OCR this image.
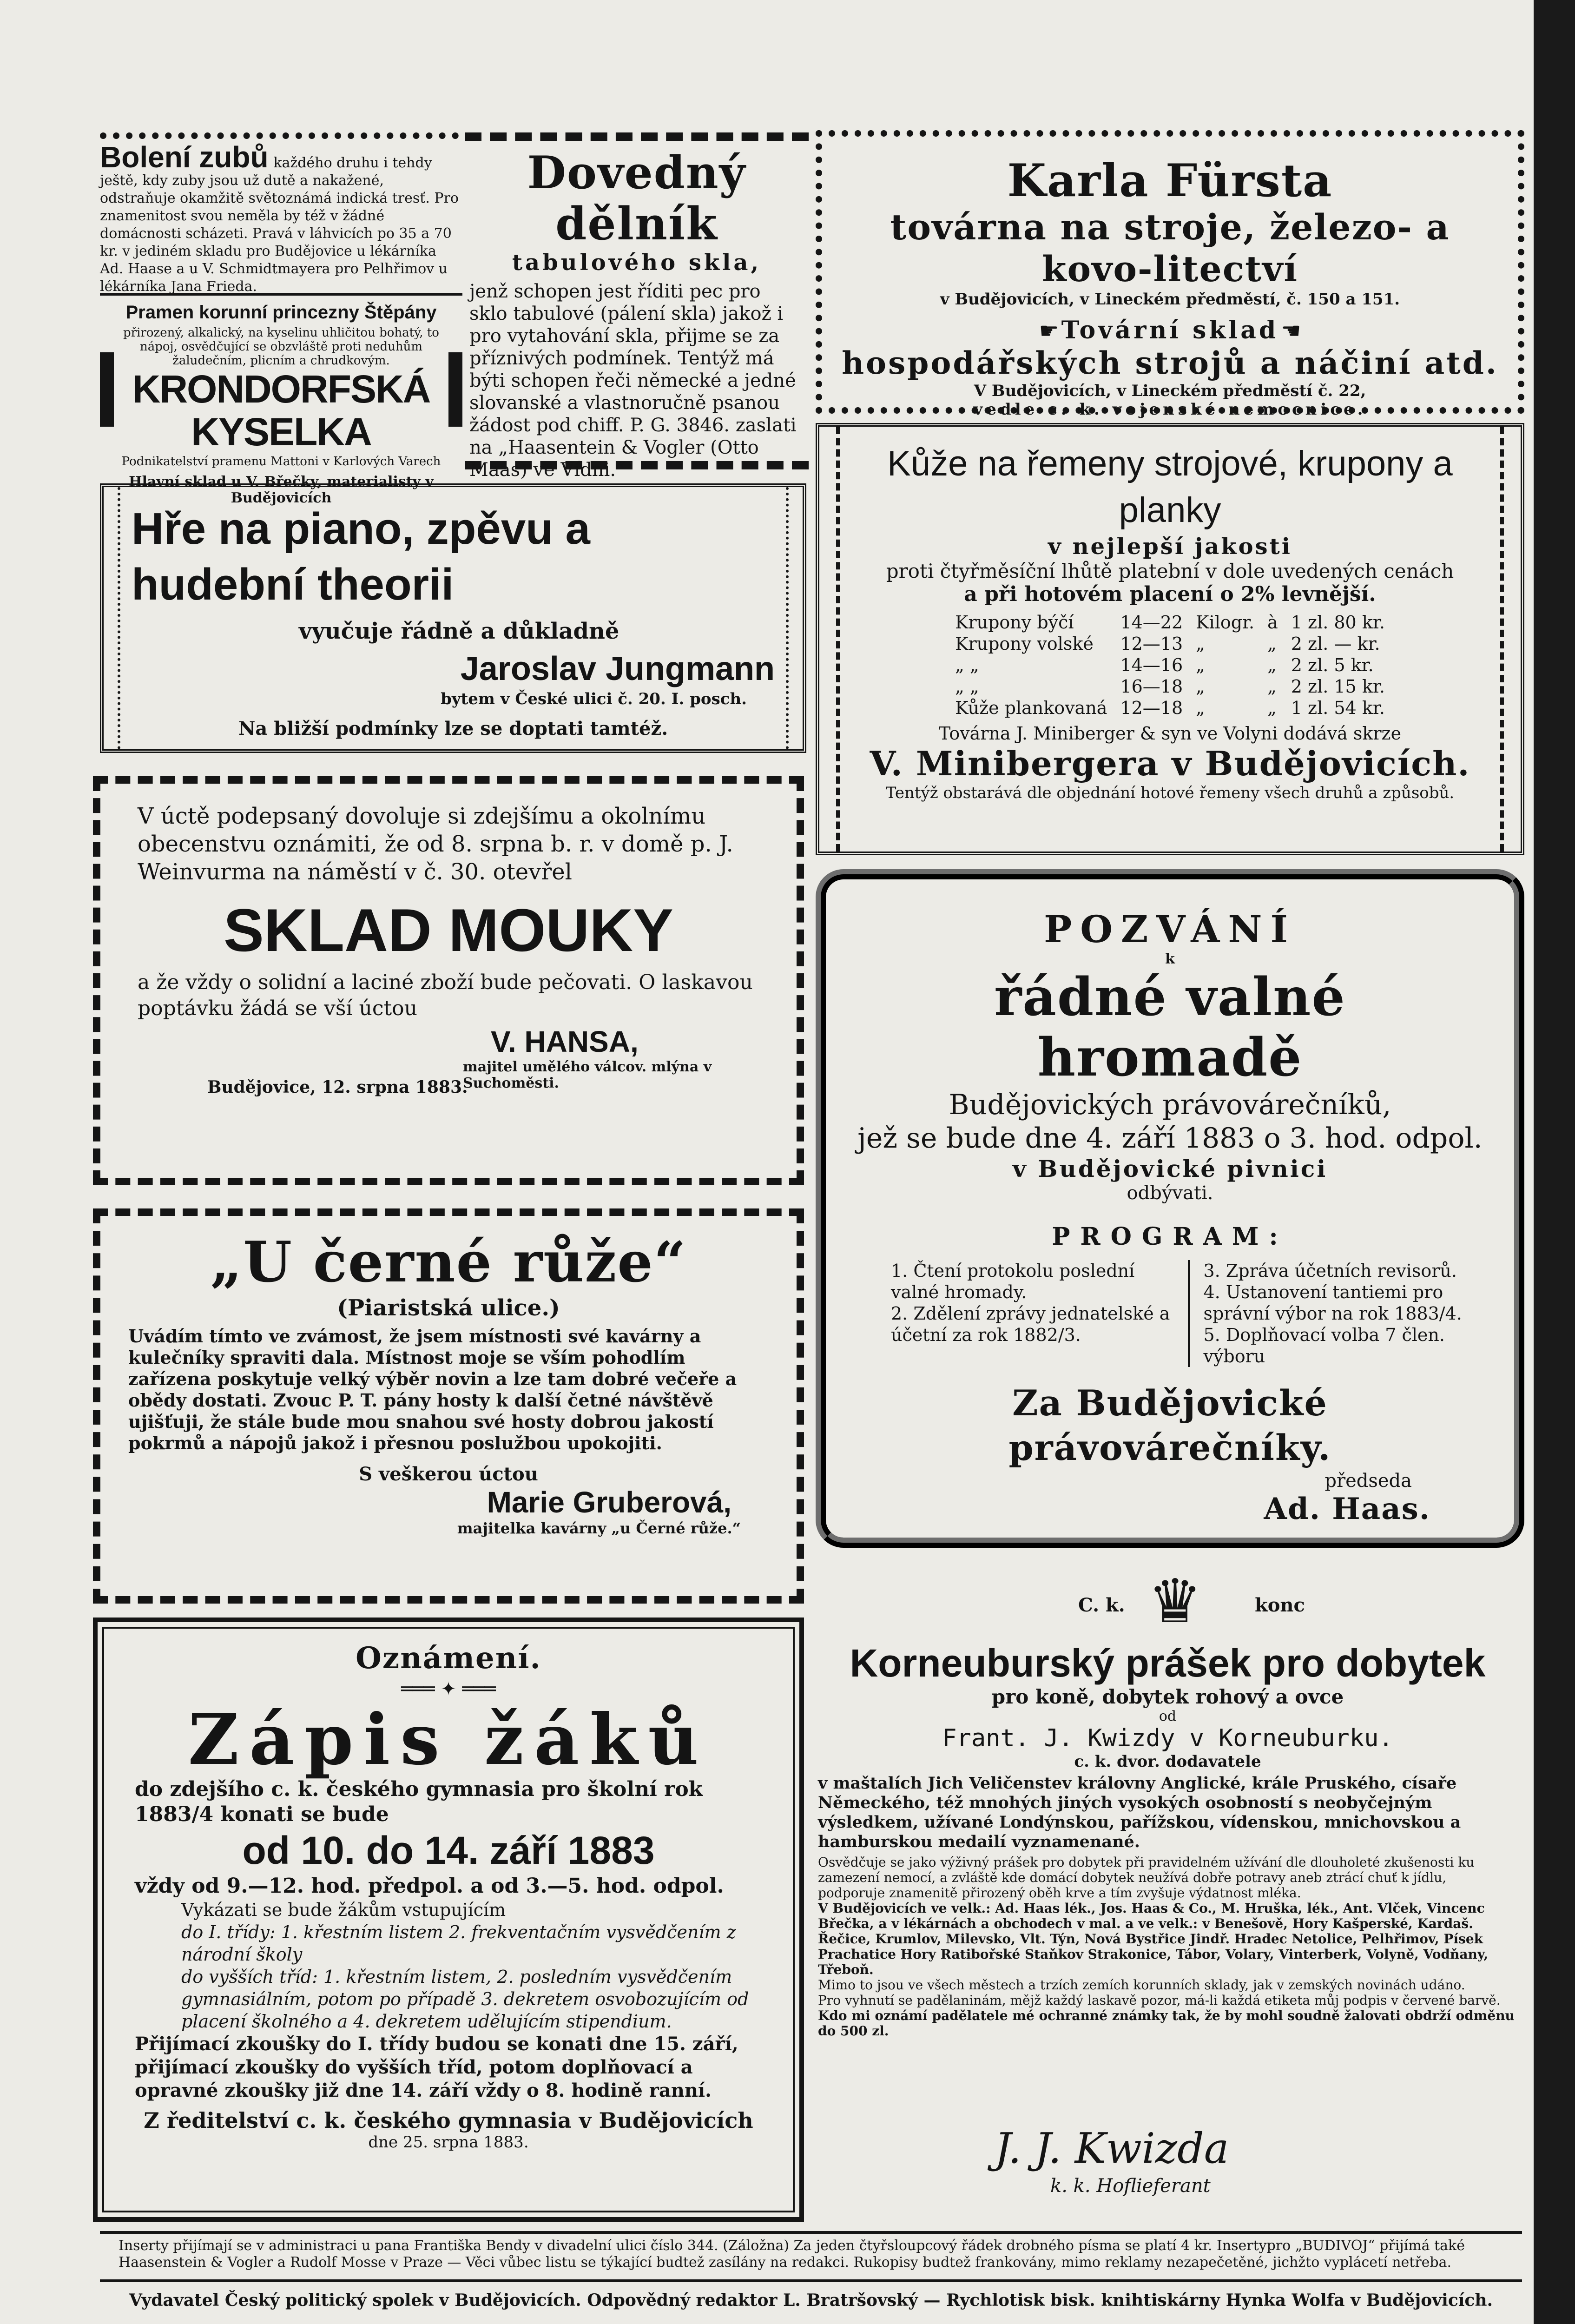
Bolení zubů každého druhu i tehdy ještě, kdy zuby jsou už dutě a nakažené, odstraňuje okamžitě světoznámá indická tresť. Pro znamenitost svou neměla by též v žádné domácnosti scházeti. Pravá v láhvicích po 35 a 70 kr. v jediném skladu pro Budějovice u lékárníka Ad. Haase a u V. Schmidtmayera pro Pelhřimov u lékárníka Jana Frieda.
Pramen korunní princezny Štěpány
přirozený, alkalický, na kyselinu uhličitou bohatý, to nápoj, osvědčující se obzvláště proti neduhům žaludečním, plicním a chrudkovým.
KRONDORFSKÁ KYSELKA
Podnikatelství pramenu Mattoni v Karlových Varech
Hlavní sklad u V. Břečky, materialisty v Budějovicích
Dovedný dělník
tabulového skla,
jenž schopen jest říditi pec pro sklo tabulové (pálení skla) jakož i pro vytahování skla, přijme se za příznivých podmínek. Tentýž má býti schopen řeči německé a jedné slovanské a vlastnoručně psanou žádost pod chiff. P. G. 3846. zaslati na „Haasentein & Vogler (Otto Maas) ve Vídni.“
Hře na piano, zpěvu a hudební theorii
vyučuje řádně a důkladně
Jaroslav Jungmann
bytem v České ulici č. 20. I. posch.
Na bližší podmínky lze se doptati tamtéž.
V úctě podepsaný dovoluje si zdejšímu a okolnímu obecenstvu oznámiti, že od 8. srpna b. r. v domě p. J. Weinvurma na náměstí v č. 30. otevřel
SKLAD MOUKY
a že vždy o solidní a laciné zboží bude pečovati. O laskavou poptávku žádá se vší úctou
V. HANSA,
majitel umělého válcov. mlýna v Suchoměsti.
Budějovice, 12. srpna 1883.
„U černé růže“
(Piaristská ulice.)
Uvádím tímto ve zvámost, že jsem místnosti své kavárny a kulečníky spraviti dala. Místnost moje se vším pohodlím zařízena poskytuje velký výběr novin a lze tam dobré večeře a obědy dostati. Zvouc P. T. pány hosty k další četné návštěvě ujišťuji, že stále bude mou snahou své hosty dobrou jakostí pokrmů a nápojů jakož i přesnou poslužbou upokojiti.
S veškerou úctou
Marie Gruberová,
majitelka kavárny „u Černé růže.“
Oznámení.
═══ ✦ ═══
Zápis žáků
do zdejšího c. k. českého gymnasia pro školní rok 1883/4 konati se bude
od 10. do 14. září 1883
vždy od 9.—12. hod. předpol. a od 3.—5. hod. odpol.
Vykázati se bude žákům vstupujícím
do I. třídy: 1. křestním listem 2. frekventačním vysvědčením z národní školy
do vyšších tříd: 1. křestním listem, 2. posledním vysvědčením gymnasiálním, potom po případě 3. dekretem osvobozujícím od placení školného a 4. dekretem udělujícím stipendium.
Přijímací zkoušky do I. třídy budou se konati dne 15. září, přijímací zkoušky do vyšších tříd, potom doplňovací a opravné zkoušky již dne 14. září vždy o 8. hodině ranní.
Z ředitelství c. k. českého gymnasia v Budějovicích
dne 25. srpna 1883.
Karla Fürsta
továrna na stroje, železo- a kovo-litectví
v Budějovicích, v Lineckém předměstí, č. 150 a 151.
☛ Tovární sklad ☚
hospodářských strojů a náčiní atd.
V Budějovicích, v Lineckém předměstí č. 22,
vedle c. k. vojenské nemocnice.
Kůže na řemeny strojové, krupony a planky
v nejlepší jakosti
proti čtyřměsíční lhůtě platební v dole uvedených cenách
a při hotovém placení o 2% levnější.
Krupony býčí	14—22	Kilogr.	à	1 zl. 80 kr.
Krupony volské	12—13	„	„	2 zl. — kr.
„ „	14—16	„	„	2 zl. 5 kr.
„ „	16—18	„	„	2 zl. 15 kr.
Kůže plankovaná	12—18	„	„	1 zl. 54 kr.
Továrna J. Miniberger & syn ve Volyni dodává skrze
V. Minibergera v Budějovicích.
Tentýž obstarává dle objednání hotové řemeny všech druhů a způsobů.
POZVÁNÍ
k
řádné valné hromadě
Budějovických právovárečníků,
jež se bude dne 4. září 1883 o 3. hod. odpol.
v Budějovické pivnici
odbývati.
PROGRAM:
1. Čtení protokolu poslední valné hromady.
2. Zdělení zprávy jednatelské a účetní za rok 1882/3.
3. Zpráva účetních revisorů.
4. Ustanovení tantiemi pro správní výbor na rok 1883/4.
5. Doplňovací volba 7 člen. výboru
Za Budějovické právovárečníky.
předseda
Ad. Haas.
C. k. ♛	konc
Korneuburský prášek pro dobytek
pro koně, dobytek rohový a ovce
od
Frant. J. Kwizdy v Korneuburku.
c. k. dvor. dodavatele
v maštalích Jich Veličenstev královny Anglické, krále Pruského, císaře Německého, též mnohých jiných vysokých osobností s neobyčejným výsledkem, užívané Londýnskou, pařížskou, vídenskou, mnichovskou a hamburskou medailí vyznamenané.
Osvědčuje se jako výživný prášek pro dobytek při pravidelném užívání dle dlouholeté zkušenosti ku zamezení nemocí, a zvláště kde domácí dobytek neužívá dobře potravy aneb ztrácí chuť k jídlu, podporuje znamenitě přirozený oběh krve a tím zvyšuje výdatnost mléka.
V Budějovicích ve velk.: Ad. Haas lék., Jos. Haas & Co., M. Hruška, lék., Ant. Vlček, Vincenc Břečka, a v lékárnách a obchodech v mal. a ve velk.: v Benešově, Hory Kašperské, Kardaš. Řečice, Krumlov, Milevsko, Vlt. Týn, Nová Bystřice Jindř. Hradec Netolice, Pelhřimov, Písek Prachatice Hory Ratibořské Staňkov Strakonice, Tábor, Volary, Vinterberk, Volyně, Vodňany, Třeboň.
Mimo to jsou ve všech městech a trzích zemích korunních sklady, jak v zemských novinách udáno.
Pro vyhnutí se padělaninám, mějž každý laskavě pozor, má-li každá etiketa můj podpis v červené barvě.
Kdo mi oznámí padělatele mé ochranné známky tak, že by mohl soudně žalovati obdrží odměnu do 500 zl.
J. J. Kwizda
k. k. Hoflieferant
Inserty přijímají se v administraci u pana Františka Bendy v divadelní ulici číslo 344. (Záložna) Za jeden čtyřsloupcový řádek drobného písma se platí 4 kr. Insertypro „BUDIVOJ“ přijímá také Haasenstein & Vogler a Rudolf Mosse v Praze — Věci vůbec listu se týkající budtež zasílány na redakci. Rukopisy budtež frankovány, mimo reklamy nezapečetěné, jichžto vyplácetí netřeba.
Vydavatel Český politický spolek v Budějovicích. Odpovědný redaktor L. Bratršovský — Rychlotisk bisk. knihtiskárny Hynka Wolfa v Budějovicích.
